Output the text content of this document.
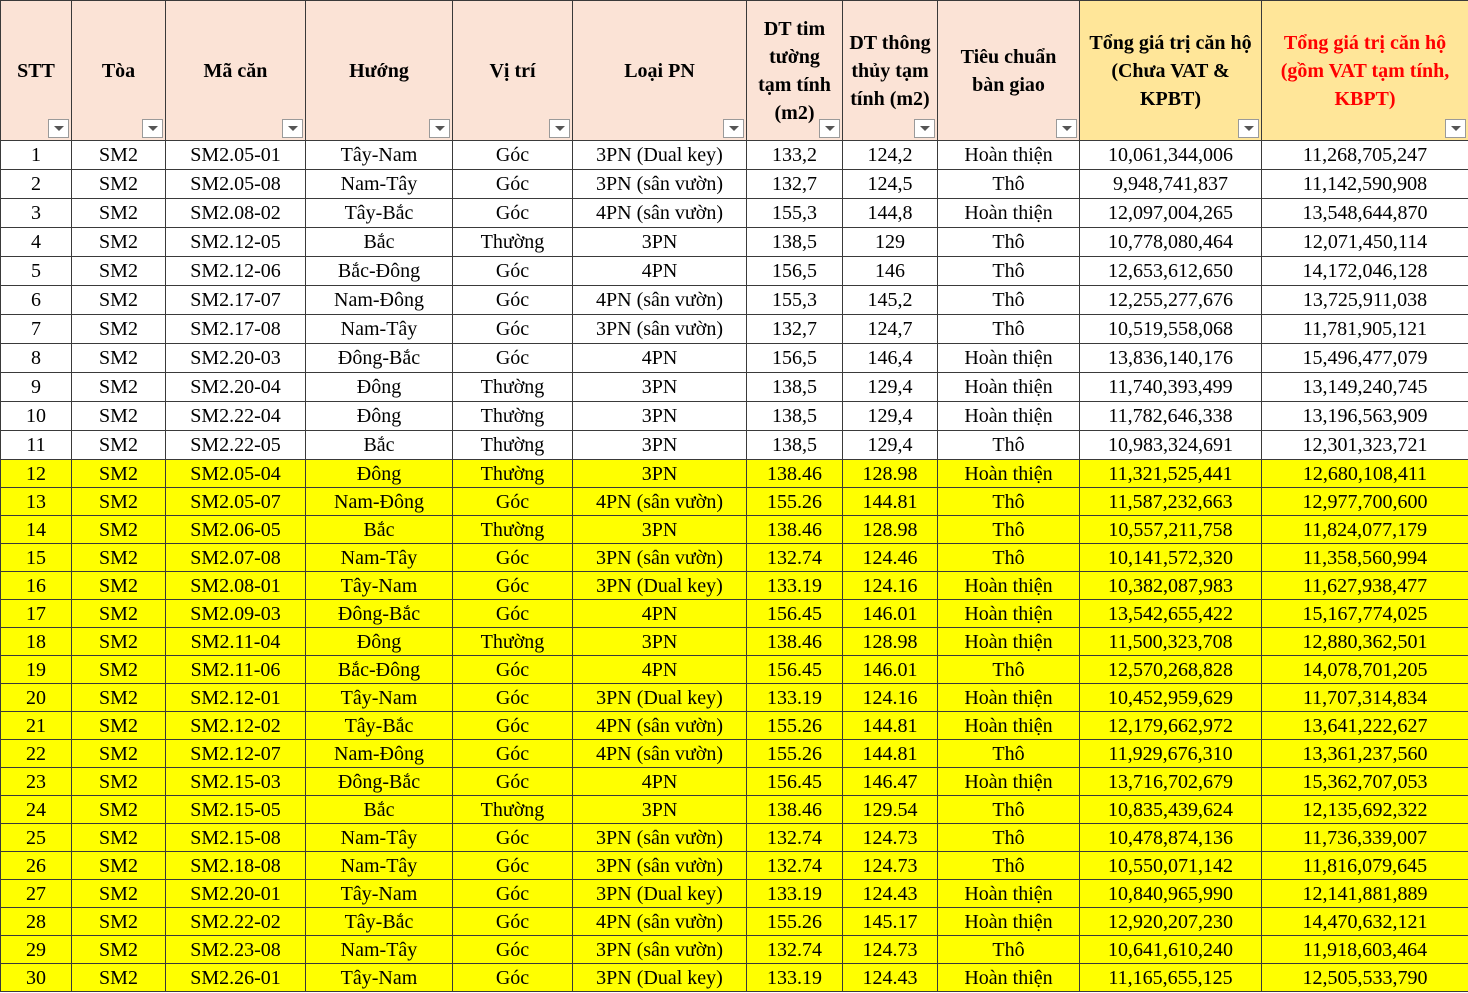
STT	Tòa	Mã căn	Hướng	Vị trí	Loại PN	DT tim tường tạm tính (m2)	DT thông thủy tạm tính (m2)	Tiêu chuẩn bàn giao	Tổng giá trị căn hộ (Chưa VAT & KPBT)	Tổng giá trị căn hộ (gồm VAT tạm tính, KBPT)

1	SM2	SM2.05-01	Tây-Nam	Góc	3PN (Dual key)	133,2	124,2	Hoàn thiện	10,061,344,006	11,268,705,247
2	SM2	SM2.05-08	Nam-Tây	Góc	3PN (sân vườn)	132,7	124,5	Thô	9,948,741,837	11,142,590,908
3	SM2	SM2.08-02	Tây-Bắc	Góc	4PN (sân vườn)	155,3	144,8	Hoàn thiện	12,097,004,265	13,548,644,870
4	SM2	SM2.12-05	Bắc	Thường	3PN	138,5	129	Thô	10,778,080,464	12,071,450,114
5	SM2	SM2.12-06	Bắc-Đông	Góc	4PN	156,5	146	Thô	12,653,612,650	14,172,046,128
6	SM2	SM2.17-07	Nam-Đông	Góc	4PN (sân vườn)	155,3	145,2	Thô	12,255,277,676	13,725,911,038
7	SM2	SM2.17-08	Nam-Tây	Góc	3PN (sân vườn)	132,7	124,7	Thô	10,519,558,068	11,781,905,121
8	SM2	SM2.20-03	Đông-Bắc	Góc	4PN	156,5	146,4	Hoàn thiện	13,836,140,176	15,496,477,079
9	SM2	SM2.20-04	Đông	Thường	3PN	138,5	129,4	Hoàn thiện	11,740,393,499	13,149,240,745
10	SM2	SM2.22-04	Đông	Thường	3PN	138,5	129,4	Hoàn thiện	11,782,646,338	13,196,563,909
11	SM2	SM2.22-05	Bắc	Thường	3PN	138,5	129,4	Thô	10,983,324,691	12,301,323,721
12	SM2	SM2.05-04	Đông	Thường	3PN	138.46	128.98	Hoàn thiện	11,321,525,441	12,680,108,411
13	SM2	SM2.05-07	Nam-Đông	Góc	4PN (sân vườn)	155.26	144.81	Thô	11,587,232,663	12,977,700,600
14	SM2	SM2.06-05	Bắc	Thường	3PN	138.46	128.98	Thô	10,557,211,758	11,824,077,179
15	SM2	SM2.07-08	Nam-Tây	Góc	3PN (sân vườn)	132.74	124.46	Thô	10,141,572,320	11,358,560,994
16	SM2	SM2.08-01	Tây-Nam	Góc	3PN (Dual key)	133.19	124.16	Hoàn thiện	10,382,087,983	11,627,938,477
17	SM2	SM2.09-03	Đông-Bắc	Góc	4PN	156.45	146.01	Hoàn thiện	13,542,655,422	15,167,774,025
18	SM2	SM2.11-04	Đông	Thường	3PN	138.46	128.98	Hoàn thiện	11,500,323,708	12,880,362,501
19	SM2	SM2.11-06	Bắc-Đông	Góc	4PN	156.45	146.01	Thô	12,570,268,828	14,078,701,205
20	SM2	SM2.12-01	Tây-Nam	Góc	3PN (Dual key)	133.19	124.16	Hoàn thiện	10,452,959,629	11,707,314,834
21	SM2	SM2.12-02	Tây-Bắc	Góc	4PN (sân vườn)	155.26	144.81	Hoàn thiện	12,179,662,972	13,641,222,627
22	SM2	SM2.12-07	Nam-Đông	Góc	4PN (sân vườn)	155.26	144.81	Thô	11,929,676,310	13,361,237,560
23	SM2	SM2.15-03	Đông-Bắc	Góc	4PN	156.45	146.47	Hoàn thiện	13,716,702,679	15,362,707,053
24	SM2	SM2.15-05	Bắc	Thường	3PN	138.46	129.54	Thô	10,835,439,624	12,135,692,322
25	SM2	SM2.15-08	Nam-Tây	Góc	3PN (sân vườn)	132.74	124.73	Thô	10,478,874,136	11,736,339,007
26	SM2	SM2.18-08	Nam-Tây	Góc	3PN (sân vườn)	132.74	124.73	Thô	10,550,071,142	11,816,079,645
27	SM2	SM2.20-01	Tây-Nam	Góc	3PN (Dual key)	133.19	124.43	Hoàn thiện	10,840,965,990	12,141,881,889
28	SM2	SM2.22-02	Tây-Bắc	Góc	4PN (sân vườn)	155.26	145.17	Hoàn thiện	12,920,207,230	14,470,632,121
29	SM2	SM2.23-08	Nam-Tây	Góc	3PN (sân vườn)	132.74	124.73	Thô	10,641,610,240	11,918,603,464
30	SM2	SM2.26-01	Tây-Nam	Góc	3PN (Dual key)	133.19	124.43	Hoàn thiện	11,165,655,125	12,505,533,790
